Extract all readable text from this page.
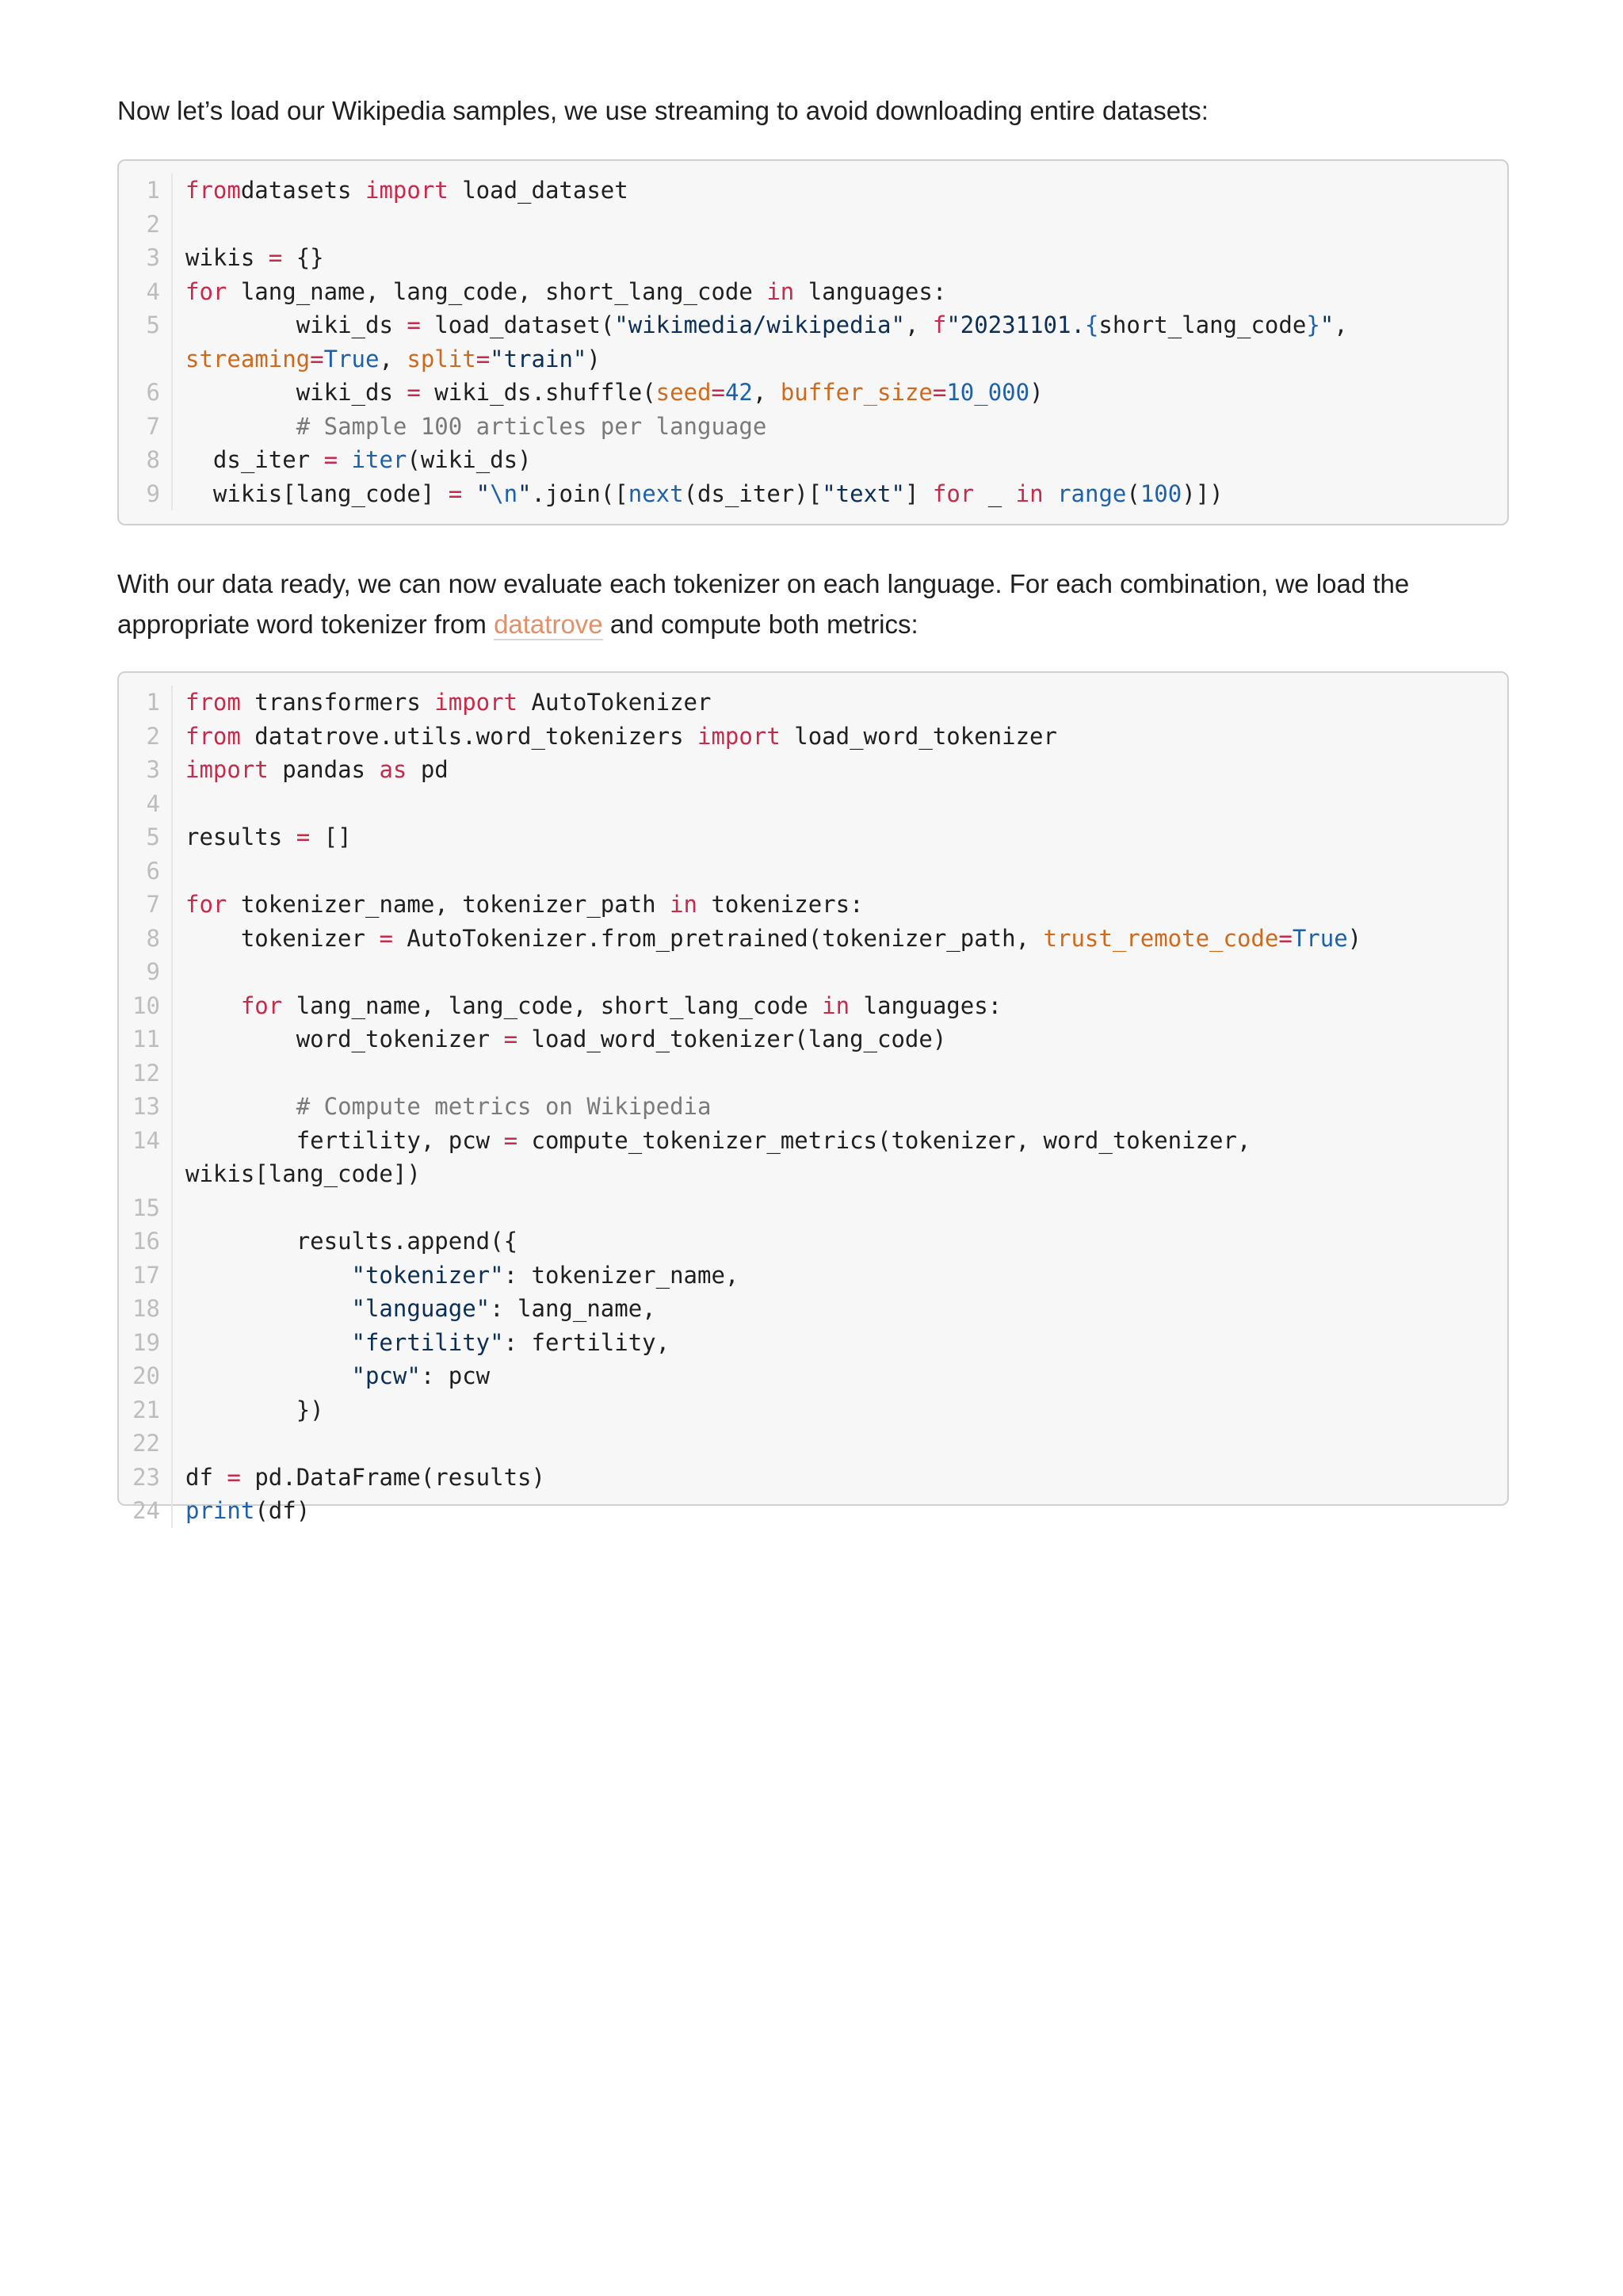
Now let’s load our Wikipedia samples, we use streaming to avoid downloading entire datasets:

1	fromdatasets import load_dataset
2

3	wikis = {}
4	for lang_name, lang_code, short_lang_code in languages:
5	wiki_ds = load_dataset("wikimedia/wikipedia", f"20231101.{short_lang_code}", streaming=True, split="train")
6	wiki_ds = wiki_ds.shuffle(seed=42, buffer_size=10_000)
7	# Sample 100 articles per language
8	ds_iter = iter(wiki_ds)
9	wikis[lang_code] = "\n".join([next(ds_iter)["text"] for _ in range(100)])

With our data ready, we can now evaluate each tokenizer on each language. For each combination, we load the appropriate word tokenizer from datatrove and compute both metrics:

1	from transformers import AutoTokenizer
2	from datatrove.utils.word_tokenizers import load_word_tokenizer
3	import pandas as pd
4

5	results = []
6

7	for tokenizer_name, tokenizer_path in tokenizers:
8	tokenizer = AutoTokenizer.from_pretrained(tokenizer_path, trust_remote_code=True)
9

10	for lang_name, lang_code, short_lang_code in languages:
11	word_tokenizer = load_word_tokenizer(lang_code)
12

13	# Compute metrics on Wikipedia
14	fertility, pcw = compute_tokenizer_metrics(tokenizer, word_tokenizer, wikis[lang_code])
15

16	results.append({
17	"tokenizer": tokenizer_name,
18	"language": lang_name,
19	"fertility": fertility,
20	"pcw": pcw
21	})
22

23	df = pd.DataFrame(results)
24	print(df)
